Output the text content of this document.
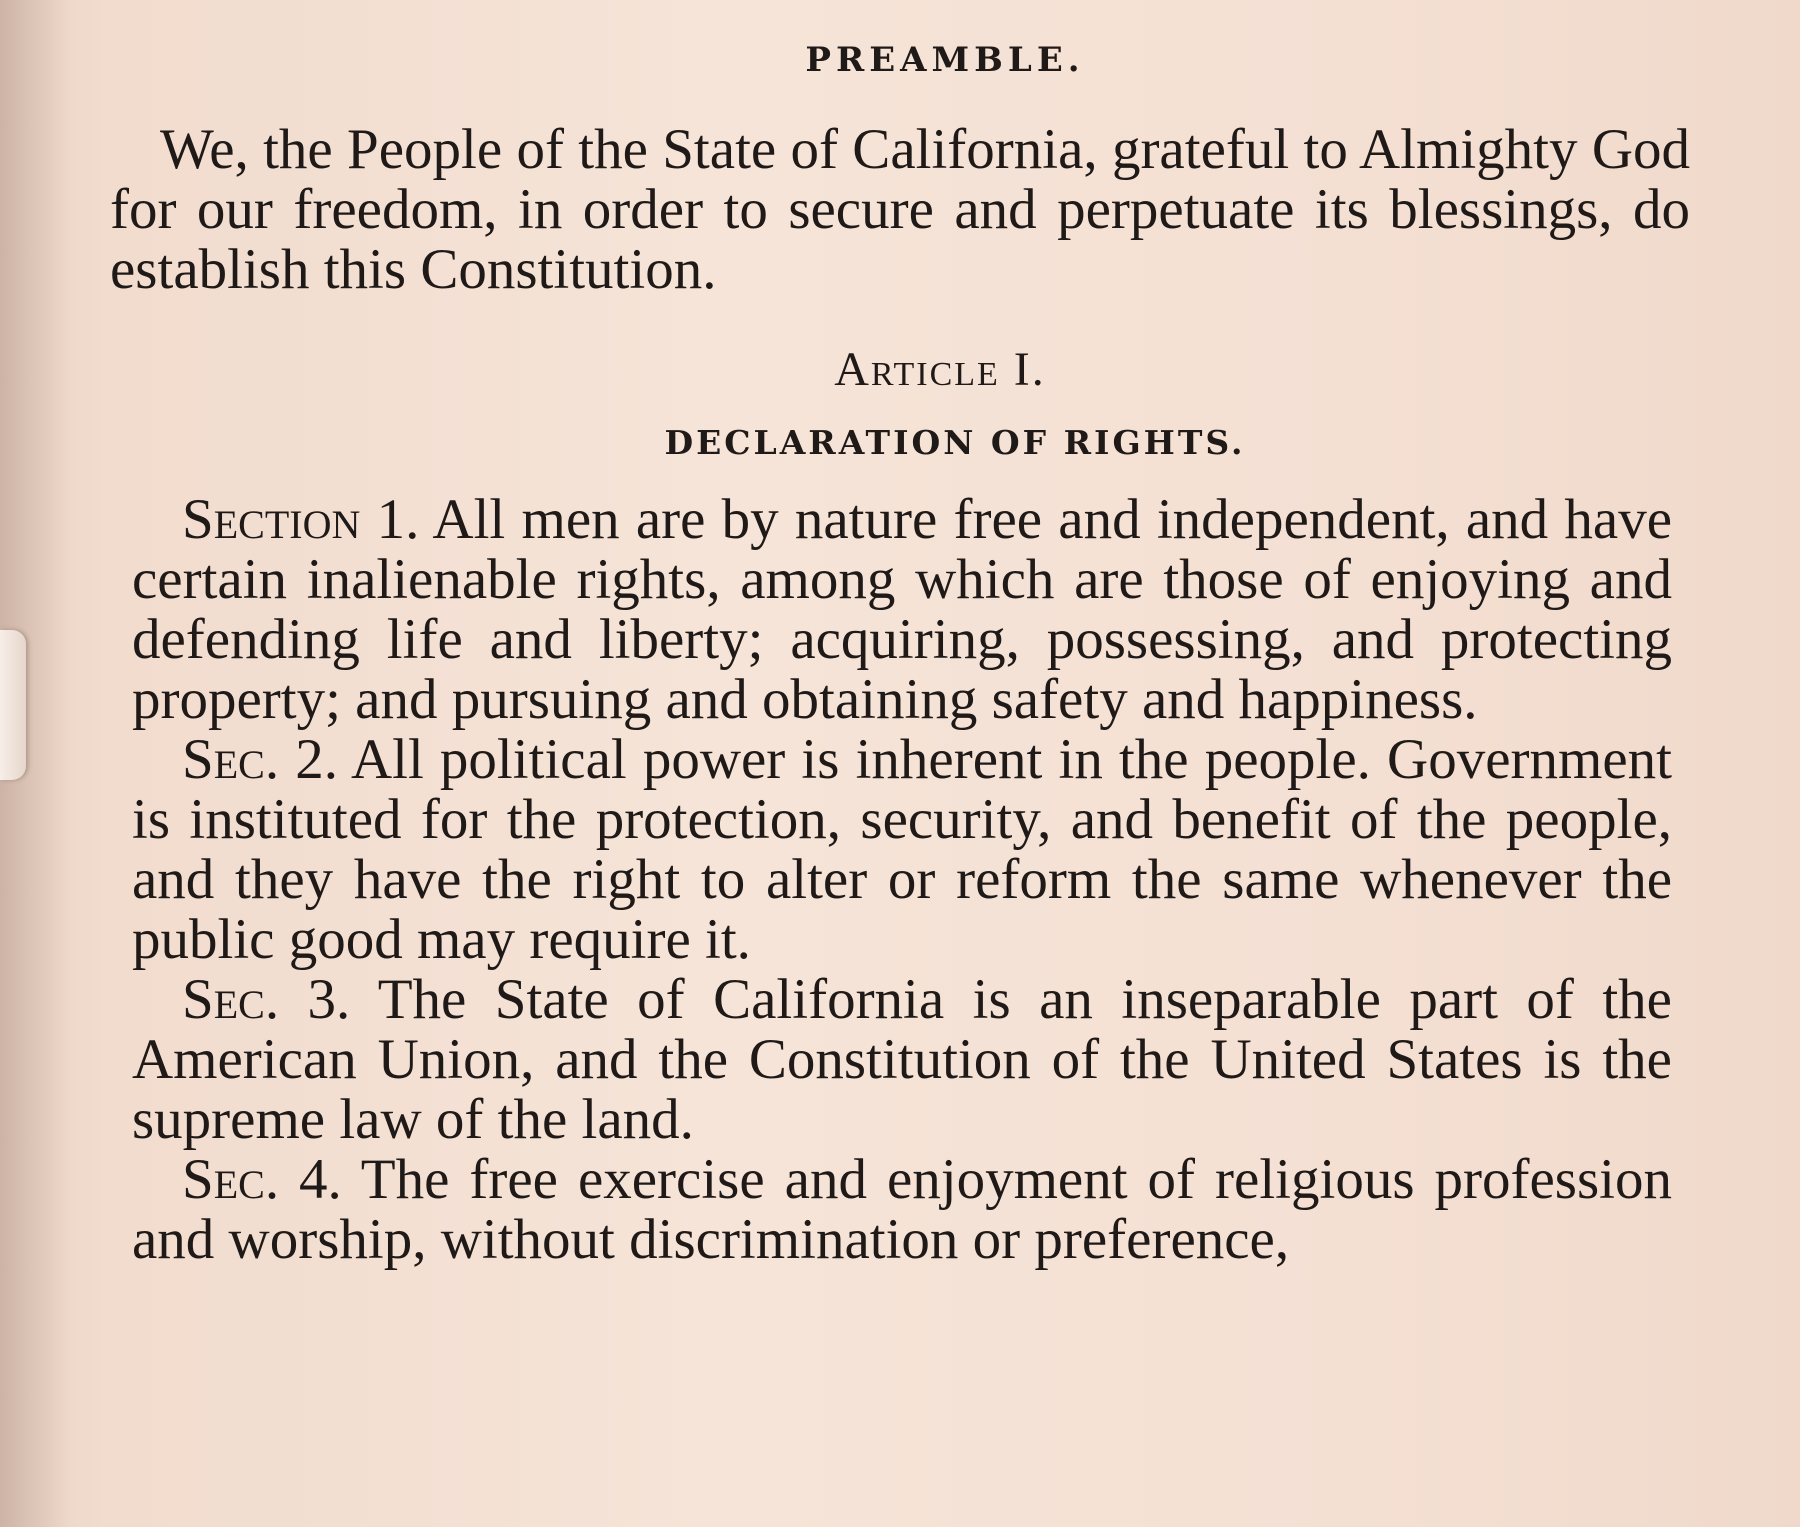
PREAMBLE.

We, the People of the State of California, grateful to Almighty God for our freedom, in order to secure and perpetuate its blessings, do establish this Constitution.

Article I.
DECLARATION OF RIGHTS.

Section 1. All men are by nature free and independent, and have certain inalienable rights, among which are those of enjoying and defending life and liberty; acquiring, possessing, and protecting property; and pursuing and obtaining safety and happiness.

Sec. 2. All political power is inherent in the people. Government is instituted for the protection, security, and benefit of the people, and they have the right to alter or reform the same whenever the public good may require it.

Sec. 3. The State of California is an inseparable part of the American Union, and the Constitution of the United States is the supreme law of the land.

Sec. 4. The free exercise and enjoyment of religious profession and worship, without discrimination or preference,
